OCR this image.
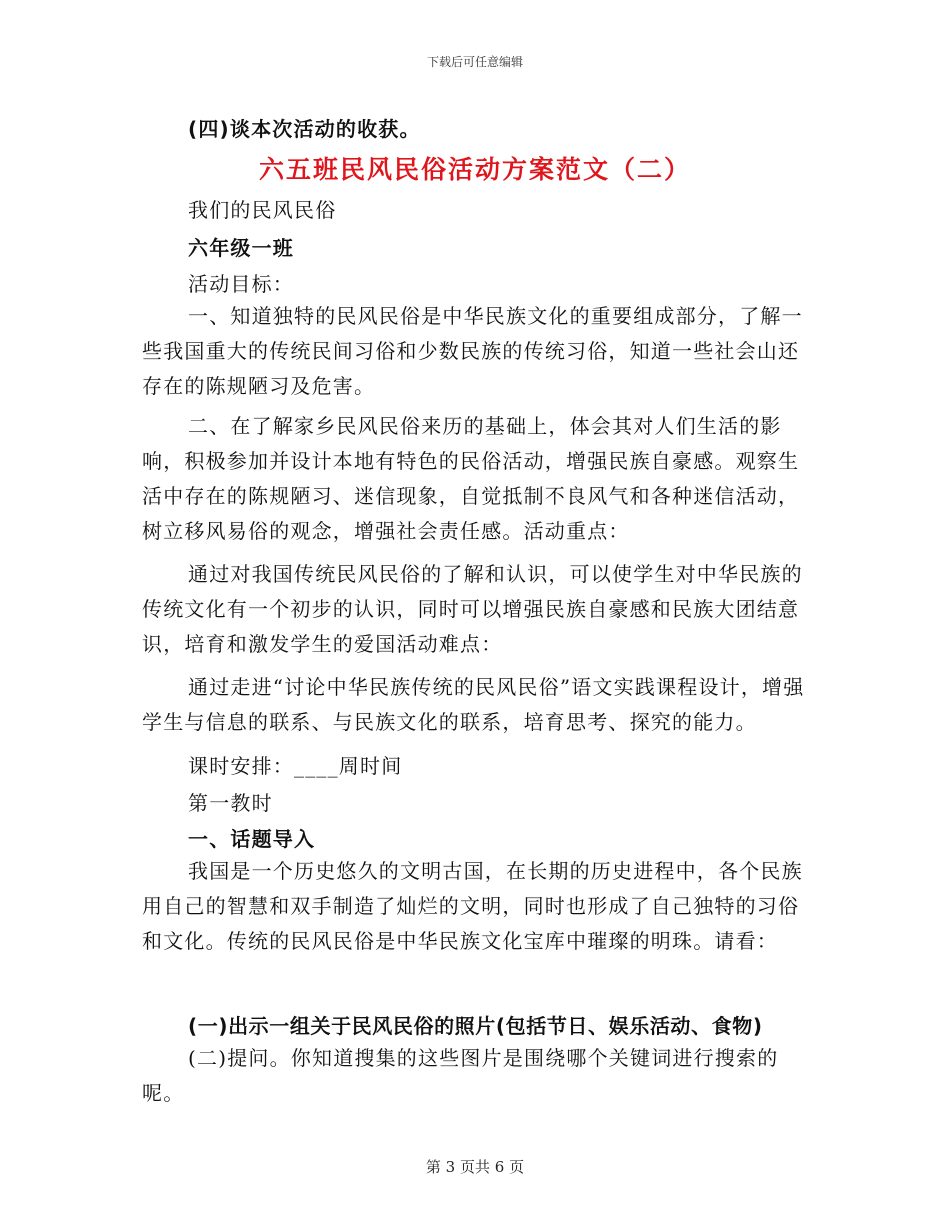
下载后可任意编辑
(四)谈本次活动的收获。
六五班民风民俗活动方案范文（二）
我们的民风民俗
六年级一班
活动目标：
一、知道独特的民风民俗是中华民族文化的重要组成部分，了解一些我国重大的传统民间习俗和少数民族的传统习俗，知道一些社会山还存在的陈规陋习及危害。
二、在了解家乡民风民俗来历的基础上，体会其对人们生活的影响，积极参加并设计本地有特色的民俗活动，增强民族自豪感。观察生活中存在的陈规陋习、迷信现象，自觉抵制不良风气和各种迷信活动，树立移风易俗的观念，增强社会责任感。活动重点：
通过对我国传统民风民俗的了解和认识，可以使学生对中华民族的传统文化有一个初步的认识，同时可以增强民族自豪感和民族大团结意识，培育和激发学生的爱国活动难点：
通过走进“讨论中华民族传统的民风民俗”语文实践课程设计，增强学生与信息的联系、与民族文化的联系，培育思考、探究的能力。
课时安排：____周时间
第一教时
一、话题导入
我国是一个历史悠久的文明古国，在长期的历史进程中，各个民族用自己的智慧和双手制造了灿烂的文明，同时也形成了自己独特的习俗和文化。传统的民风民俗是中华民族文化宝库中璀璨的明珠。请看：
(一)出示一组关于民风民俗的照片(包括节日、娱乐活动、食物)
(二)提问。你知道搜集的这些图片是围绕哪个关键词进行搜索的呢。
第 3 页共 6 页
